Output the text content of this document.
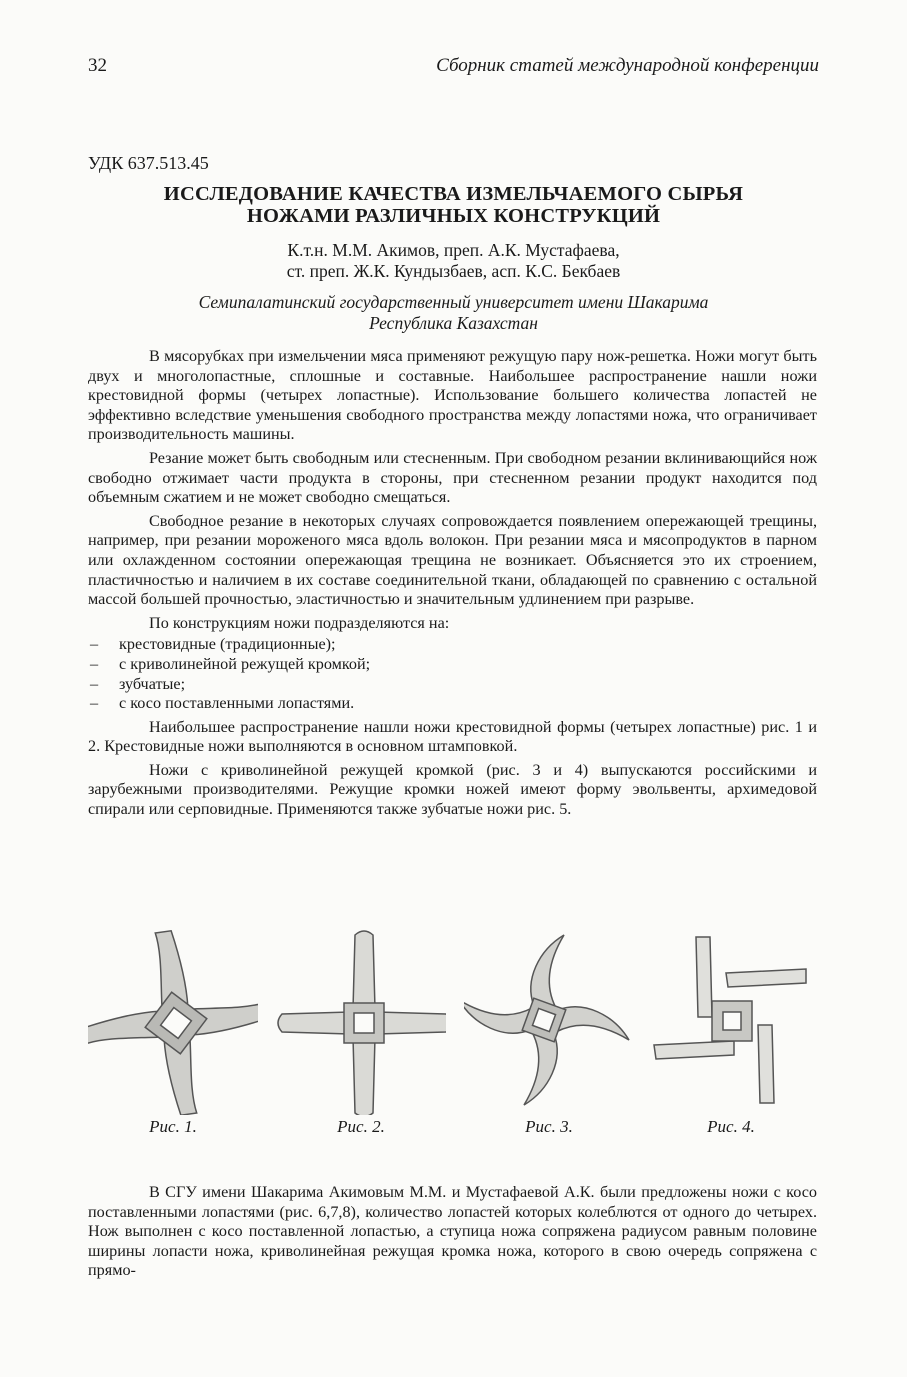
32	Сборник статей международной конференции
УДК 637.513.45
ИССЛЕДОВАНИЕ КАЧЕСТВА ИЗМЕЛЬЧАЕМОГО СЫРЬЯ
НОЖАМИ РАЗЛИЧНЫХ КОНСТРУКЦИЙ
К.т.н. М.М. Акимов, преп. А.К. Мустафаева,
ст. преп. Ж.К. Кундызбаев, асп. К.С. Бекбаев
Семипалатинский государственный университет имени Шакарима
Республика Казахстан

В мясорубках при измельчении мяса применяют режущую пару нож-решетка. Ножи могут быть двух и многолопастные, сплошные и составные. Наибольшее распространение нашли ножи крестовидной формы (четырех лопастные). Использование большего количества лопастей не эффективно вследствие уменьшения свободного пространства между лопастями ножа, что ограничивает производительность машины.

Резание может быть свободным или стесненным. При свободном резании вклинивающийся нож свободно отжимает части продукта в стороны, при стесненном резании продукт находится под объемным сжатием и не может свободно смещаться.

Свободное резание в некоторых случаях сопровождается появлением опережающей трещины, например, при резании мороженого мяса вдоль волокон. При резании мяса и мясопродуктов в парном или охлажденном состоянии опережающая трещина не возникает. Объясняется это их строением, пластичностью и наличием в их составе соединительной ткани, обладающей по сравнению с остальной массой большей прочностью, эластичностью и значительным удлинением при разрыве.

По конструкциям ножи подразделяются на:

– крестовидные (традиционные);
– с криволинейной режущей кромкой;
– зубчатые;
– с косо поставленными лопастями.

Наибольшее распространение нашли ножи крестовидной формы (четырех лопастные) рис. 1 и 2. Крестовидные ножи выполняются в основном штамповкой.

Ножи с криволинейной режущей кромкой (рис. 3 и 4) выпускаются российскими и зарубежными производителями. Режущие кромки ножей имеют форму эвольвенты, архимедовой спирали или серповидные. Применяются также зубчатые ножи рис. 5.

Рис. 1.	Рис. 2.	Рис. 3.	Рис. 4.

В СГУ имени Шакарима Акимовым М.М. и Мустафаевой А.К. были предложены ножи с косо поставленными лопастями (рис. 6,7,8), количество лопастей которых колеблются от одного до четырех. Нож выполнен с косо поставленной лопастью, а ступица ножа сопряжена радиусом равным половине ширины лопасти ножа, криволинейная режущая кромка ножа, которого в свою очередь сопряжена с прямо-
